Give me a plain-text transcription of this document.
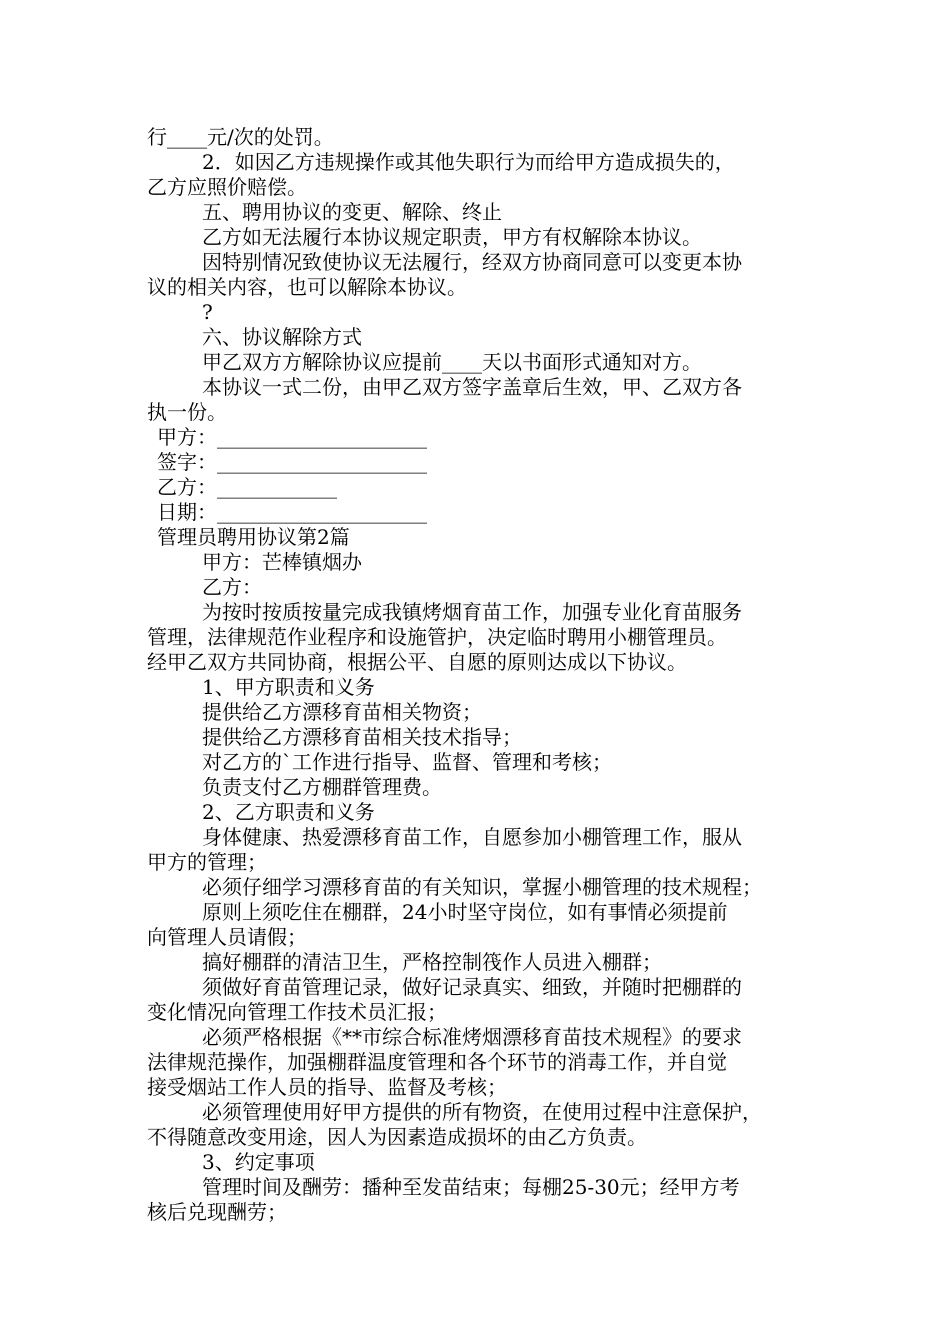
行____元/次的处罚。
2．如因乙方违规操作或其他失职行为而给甲方造成损失的，
乙方应照价赔偿。
五、聘用协议的变更、解除、终止
乙方如无法履行本协议规定职责，甲方有权解除本协议。
因特别情况致使协议无法履行，经双方协商同意可以变更本协
议的相关内容，也可以解除本协议。
?
六、协议解除方式
甲乙双方方解除协议应提前____天以书面形式通知对方。
本协议一式二份，由甲乙双方签字盖章后生效，甲、乙双方各
执一份。
甲方：_____________________
签字：_____________________
乙方：____________
日期：_____________________
管理员聘用协议第2篇
甲方：芒棒镇烟办
乙方：
为按时按质按量完成我镇烤烟育苗工作，加强专业化育苗服务
管理，法律规范作业程序和设施管护，决定临时聘用小棚管理员。
经甲乙双方共同协商，根据公平、自愿的原则达成以下协议。
1、甲方职责和义务
提供给乙方漂移育苗相关物资；
提供给乙方漂移育苗相关技术指导；
对乙方的`工作进行指导、监督、管理和考核；
负责支付乙方棚群管理费。
2、乙方职责和义务
身体健康、热爱漂移育苗工作，自愿参加小棚管理工作，服从
甲方的管理；
必须仔细学习漂移育苗的有关知识，掌握小棚管理的技术规程；
原则上须吃住在棚群，24小时坚守岗位，如有事情必须提前
向管理人员请假；
搞好棚群的清洁卫生，严格控制筏作人员进入棚群；
须做好育苗管理记录，做好记录真实、细致，并随时把棚群的
变化情况向管理工作技术员汇报；
必须严格根据《**市综合标准烤烟漂移育苗技术规程》的要求
法律规范操作，加强棚群温度管理和各个环节的消毒工作，并自觉
接受烟站工作人员的指导、监督及考核；
必须管理使用好甲方提供的所有物资，在使用过程中注意保护，
不得随意改变用途，因人为因素造成损坏的由乙方负责。
3、约定事项
管理时间及酬劳：播种至发苗结束；每棚25-30元；经甲方考
核后兑现酬劳；
